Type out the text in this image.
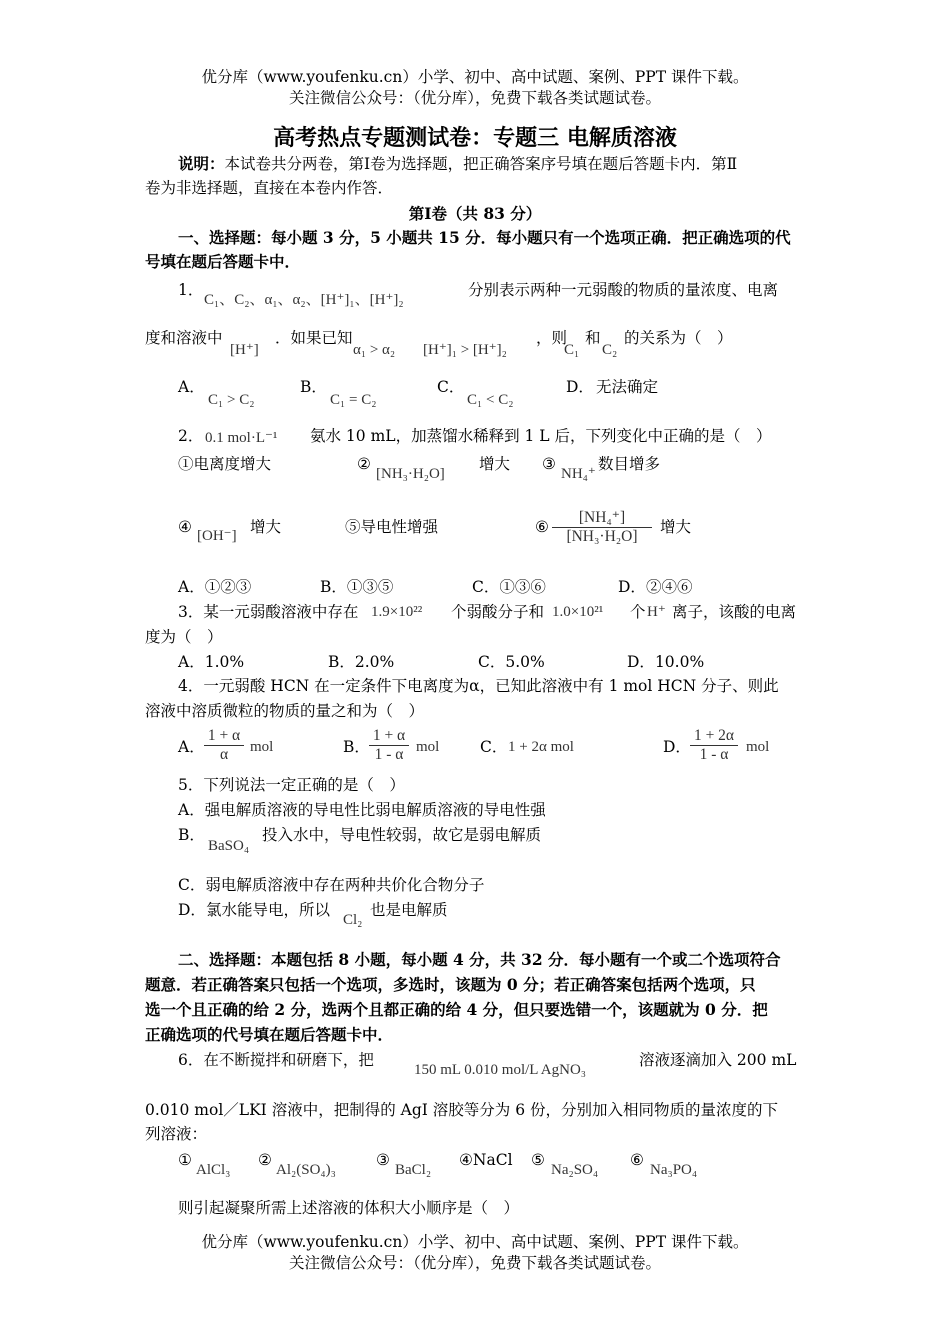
优分库（www.youfenku.cn）小学、初中、高中试题、案例、PPT 课件下载。
关注微信公众号：（优分库），免费下载各类试题试卷。
高考热点专题测试卷：专题三 电解质溶液
说明：本试卷共分两卷，第Ⅰ卷为选择题，把正确答案序号填在题后答题卡内．第Ⅱ
卷为非选择题，直接在本卷内作答．
第Ⅰ卷（共 83 分）
一、选择题：每小题 3 分，5 小题共 15 分．每小题只有一个选项正确．把正确选项的代
号填在题后答题卡中．
1．
C₁、C₂、α₁、α₂、[H⁺]₁、[H⁺]₂
分别表示两种一元弱酸的物质的量浓度、电离
度和溶液中
[H⁺]
．如果已知
α₁ > α₂ [H⁺]₁ > [H⁺]₂
，则
C₁
和
C₂
的关系为（　）
A．
C₁ > C₂
B．
C₁ = C₂
C．
C₁ < C₂
D． 无法确定
2． 0.1 mol·L⁻¹ 氨水 10 mL，加蒸馏水稀释到 1 L 后，下列变化中正确的是（　）
①电离度增大	②
[NH₃·H₂O]
增大 ③
NH₄⁺
数目增多
④ [OH⁻] 增大	⑤导电性增强	⑥ $\frac{\text{[NH₄⁺]}}{\text{[NH₃·H₂O]}}$ 增大
A．①②③	B．①③⑤	C．①③⑥	D．②④⑥
3．某一元弱酸溶液中存在 1.9×10²² 个弱酸分子和 1.0×10²¹ 个 H⁺ 离子，该酸的电离
度为（　）
A．1.0%	B．2.0%	C．5.0%	D．10.0%
4．一元弱酸 HCN 在一定条件下电离度为α，已知此溶液中有 1 mol HCN 分子、则此
溶液中溶质微粒的物质的量之和为（　）
A． $\frac{1 + \alpha}{\alpha}$ mol	B． $\frac{1 + \alpha}{1 - \alpha}$ mol	C． 1 + 2α mol	D． $\frac{1 + 2\alpha}{1 - \alpha}$ mol
5．下列说法一定正确的是（　）
A．强电解质溶液的导电性比弱电解质溶液的导电性强
B．
BaSO₄
投入水中，导电性较弱，故它是弱电解质
C．弱电解质溶液中存在两种共价化合物分子
D．氯水能导电，所以
Cl₂
也是电解质
二、选择题：本题包括 8 小题，每小题 4 分，共 32 分．每小题有一个或二个选项符合
题意．若正确答案只包括一个选项，多选时，该题为 0 分；若正确答案包括两个选项，只
选一个且正确的给 2 分，选两个且都正确的给 4 分，但只要选错一个，该题就为 0 分．把
正确选项的代号填在题后答题卡中．
6．在不断搅拌和研磨下，把
150 mL 0.010 mol/L AgNO₃
溶液逐滴加入 200 mL
0.010 mol／LKI 溶液中，把制得的 AgI 溶胶等分为 6 份，分别加入相同物质的量浓度的下
列溶液：
①
AlCl₃
②
Al₂(SO₄)₃
③
BaCl₂
④NaCl ⑤
Na₂SO₄
⑥
Na₃PO₄
则引起凝聚所需上述溶液的体积大小顺序是（　）
优分库（www.youfenku.cn）小学、初中、高中试题、案例、PPT 课件下载。
关注微信公众号：（优分库），免费下载各类试题试卷。
